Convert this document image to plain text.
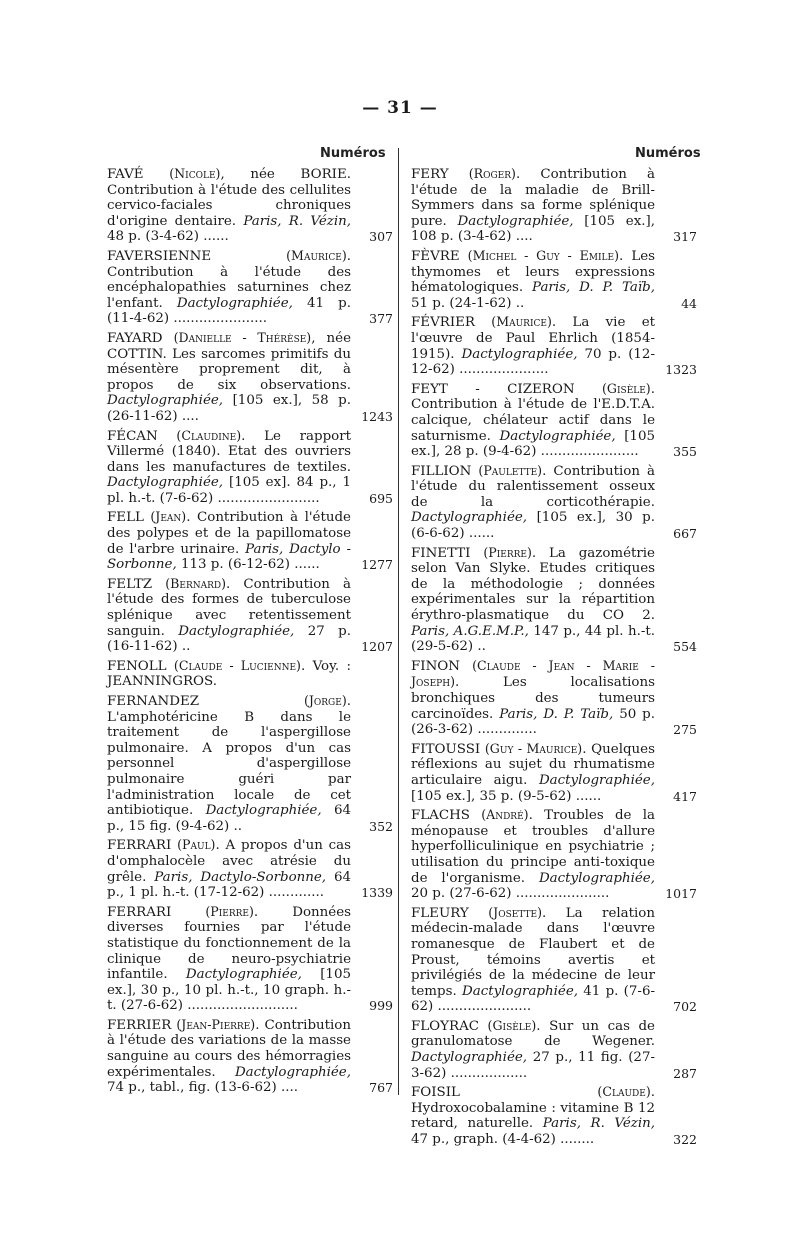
— 31 —
Numéros	Numéros

FAVÉ (Nicole), née BORIE. Contribution à l'étude des cellulites cervico-faciales chroniques d'origine dentaire. Paris, R. Vézin, 48 p. (3-4-62) ......	307

FAVERSIENNE	(Maurice). Contribution à l'étude des encéphalopathies saturnines chez l'enfant. Dactylographiée, 41 p. (11-4-62) ......................	377

FAYARD (Danielle - Thérèse), née COTTIN. Les sarcomes primitifs du mésentère proprement dit, à propos de six observations. Dactylographiée, [105 ex.], 58 p. (26-11-62) ....	1243

FÉCAN (Claudine). Le rapport Villermé (1840). Etat des ouvriers dans les manufactures de textiles. Dactylographiée, [105 ex]. 84 p., 1 pl. h.-t. (7-6-62) ........................	695

FELL (Jean). Contribution à l'étude des polypes et de la papillomatose de l'arbre urinaire. Paris, Dactylo - Sorbonne, 113 p. (6-12-62) ......	1277

FELTZ (Bernard). Contribution à l'étude des formes de tuberculose splénique avec retentissement sanguin. Dactylographiée, 27 p. (16-11-62) ..	1207

FENOLL (Claude - Lucienne). Voy. : JEANNINGROS.

FERNANDEZ	(Jorge). L'amphotéricine B dans le traitement de l'aspergillose pulmonaire. A propos d'un cas personnel d'aspergillose pulmonaire guéri par l'administration locale de cet antibiotique. Dactylographiée, 64 p., 15 fig. (9-4-62) ..	352

FERRARI (Paul). A propos d'un cas d'omphalocèle avec atrésie du grêle. Paris, Dactylo-Sorbonne, 64 p., 1 pl. h.-t. (17-12-62) .............	1339

FERRARI	(Pierre). Données diverses fournies par l'étude statistique du fonctionnement de la clinique de neuro-psychiatrie infantile. Dactylographiée, [105 ex.], 30 p., 10 pl. h.-t., 10 graph. h.-t. (27-6-62) ..........................	999

FERRIER (Jean-Pierre). Contribution à l'étude des variations de la masse sanguine au cours des hémorragies expérimentales. Dactylographiée, 74 p., tabl., fig. (13-6-62) ....	767

FERY (Roger). Contribution à l'étude de la maladie de Brill-Symmers dans sa forme splénique pure. Dactylographiée, [105 ex.], 108 p. (3-4-62) ....	317

FÈVRE (Michel - Guy - Emile). Les thymomes et leurs expressions hématologiques. Paris, D. P. Taïb, 51 p. (24-1-62) ..	44

FÉVRIER (Maurice). La vie et l'œuvre de Paul Ehrlich (1854-1915). Dactylographiée, 70 p. (12-12-62) .....................	1323

FEYT - CIZERON (Gisèle). Contribution à l'étude de l'E.D.T.A. calcique, chélateur actif dans le saturnisme. Dactylographiée, [105 ex.], 28 p. (9-4-62) .......................	355

FILLION (Paulette). Contribution à l'étude du ralentissement osseux de la corticothérapie. Dactylographiée, [105 ex.], 30 p. (6-6-62) ......	667

FINETTI (Pierre). La gazométrie selon Van Slyke. Etudes critiques de la méthodologie ; données expérimentales sur la répartition érythro-plasmatique du CO 2. Paris, A.G.E.M.P., 147 p., 44 pl. h.-t. (29-5-62) ..	554

FINON (Claude - Jean - Marie - Joseph). Les localisations bronchiques des tumeurs carcinoïdes. Paris, D. P. Taïb, 50 p. (26-3-62) ..............	275

FITOUSSI (Guy - Maurice). Quelques réflexions au sujet du rhumatisme articulaire aigu. Dactylographiée, [105 ex.], 35 p. (9-5-62) ......	417

FLACHS (André). Troubles de la ménopause et troubles d'allure hyperfolliculinique en psychiatrie ; utilisation du principe anti-toxique de l'organisme. Dactylographiée, 20 p. (27-6-62) ......................	1017

FLEURY (Josette). La relation médecin-malade dans l'œuvre romanesque de Flaubert et de Proust, témoins avertis et privilégiés de la médecine de leur temps. Dactylographiée, 41 p. (7-6-62) ......................	702

FLOYRAC (Gisèle). Sur un cas de granulomatose de Wegener. Dactylographiée, 27 p., 11 fig. (27-3-62) ..................	287

FOISIL	(Claude). Hydroxocobalamine : vitamine B 12 retard, naturelle. Paris, R. Vézin, 47 p., graph. (4-4-62) ........	322
